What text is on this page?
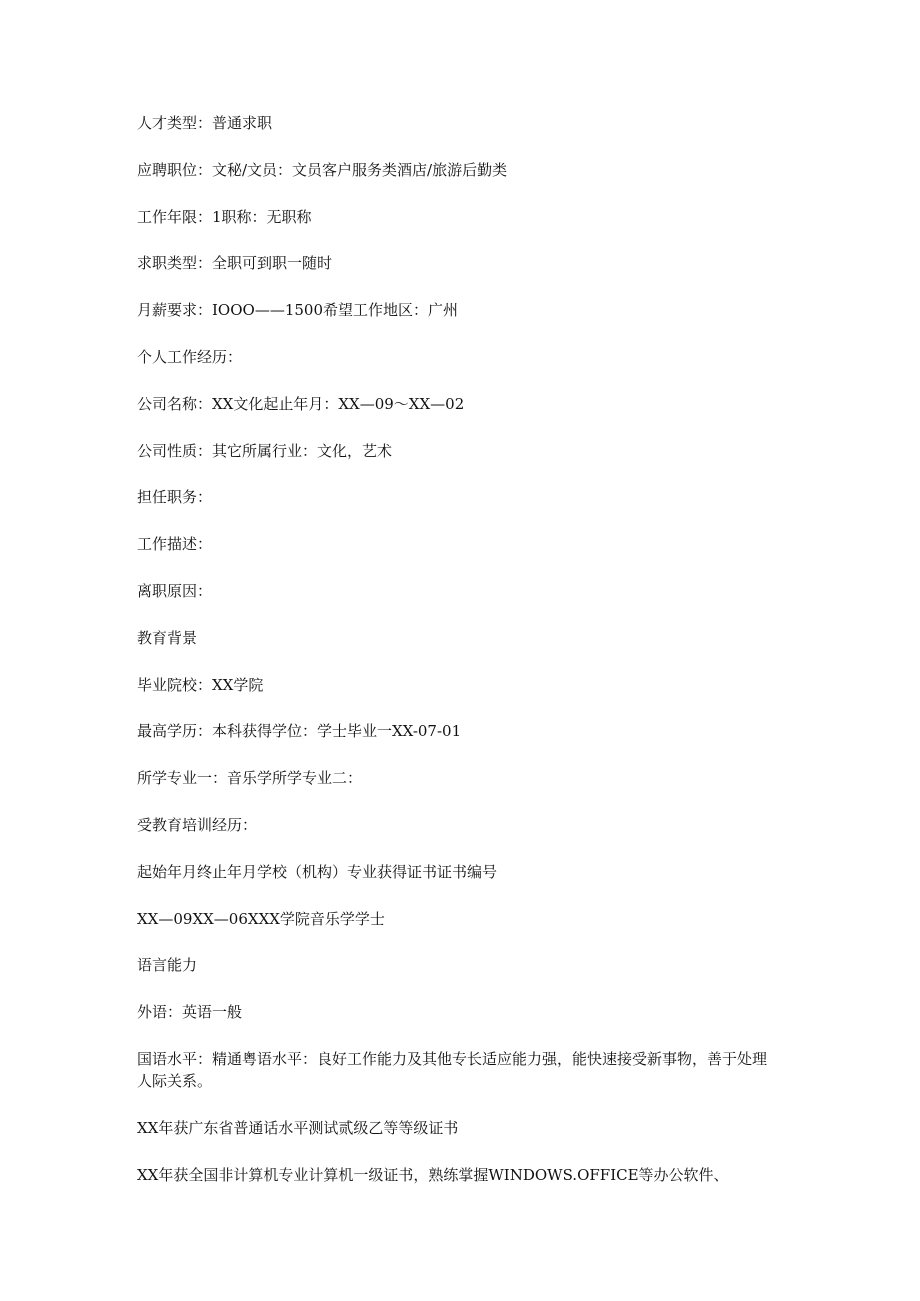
人才类型：普通求职

应聘职位：文秘/文员：文员客户服务类酒店/旅游后勤类

工作年限：1职称：无职称

求职类型：全职可到职一随时

月薪要求：IOOO——1500希望工作地区：广州

个人工作经历：

公司名称：XX文化起止年月：XX—09～XX—02

公司性质：其它所属行业：文化，艺术

担任职务：

工作描述：

离职原因：

教育背景

毕业院校：XX学院

最高学历：本科获得学位：学士毕业一XX-07-01

所学专业一：音乐学所学专业二：

受教育培训经历：

起始年月终止年月学校（机构）专业获得证书证书编号

XX—09XX—06XXX学院音乐学学士

语言能力

外语：英语一般

国语水平：精通粤语水平：良好工作能力及其他专长适应能力强，能快速接受新事物，善于处理人际关系。

XX年获广东省普通话水平测试贰级乙等等级证书

XX年获全国非计算机专业计算机一级证书，熟练掌握WINDOWS.OFFICE等办公软件、
